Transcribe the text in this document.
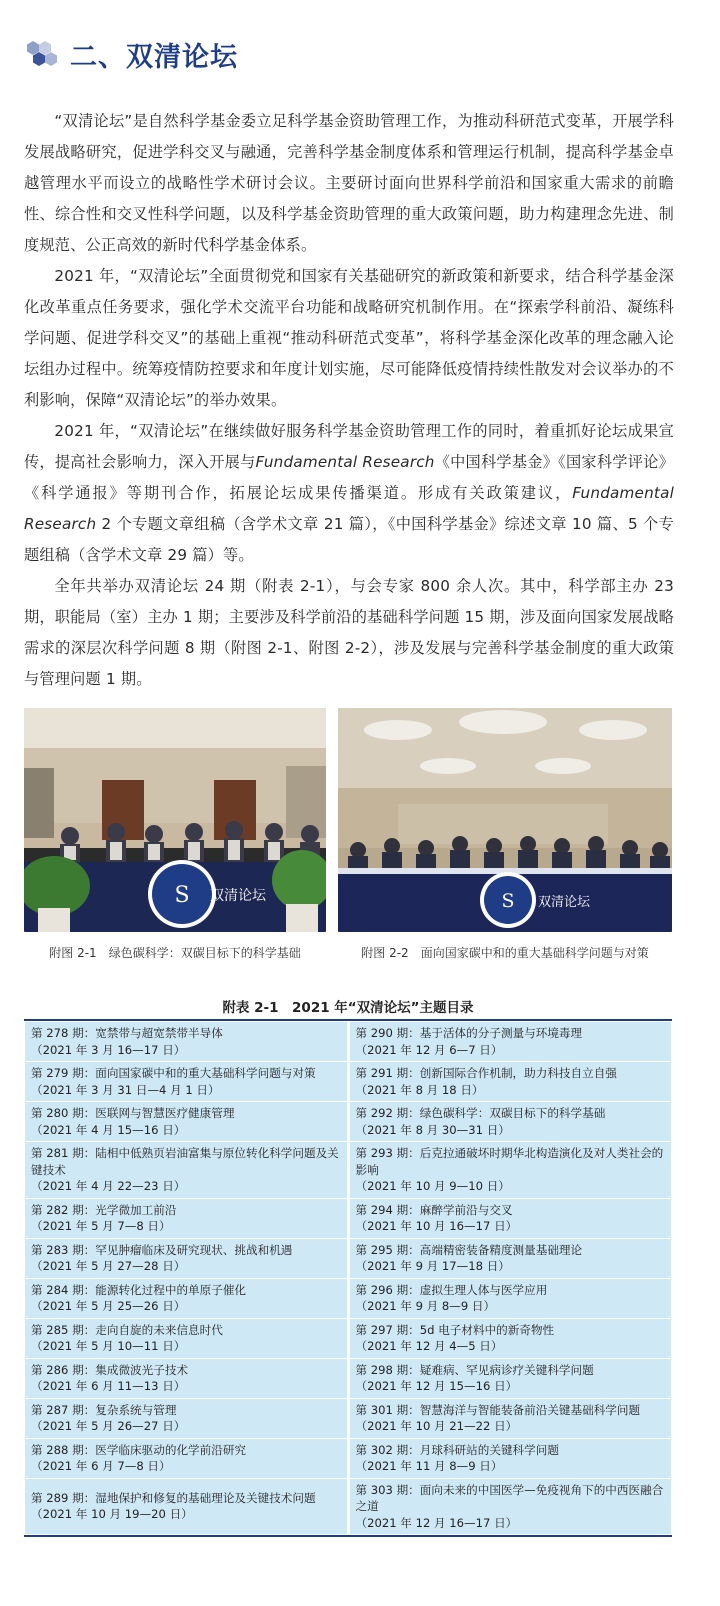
二、双清论坛

“双清论坛”是自然科学基金委立足科学基金资助管理工作，为推动科研范式变革，开展学科发展战略研究，促进学科交叉与融通，完善科学基金制度体系和管理运行机制，提高科学基金卓越管理水平而设立的战略性学术研讨会议。主要研讨面向世界科学前沿和国家重大需求的前瞻性、综合性和交叉性科学问题，以及科学基金资助管理的重大政策问题，助力构建理念先进、制度规范、公正高效的新时代科学基金体系。

2021 年，“双清论坛”全面贯彻党和国家有关基础研究的新政策和新要求，结合科学基金深化改革重点任务要求，强化学术交流平台功能和战略研究机制作用。在“探索学科前沿、凝练科学问题、促进学科交叉”的基础上重视“推动科研范式变革”，将科学基金深化改革的理念融入论坛组办过程中。统筹疫情防控要求和年度计划实施，尽可能降低疫情持续性散发对会议举办的不利影响，保障“双清论坛”的举办效果。

2021 年，“双清论坛”在继续做好服务科学基金资助管理工作的同时，着重抓好论坛成果宣传，提高社会影响力，深入开展与Fundamental Research《中国科学基金》《国家科学评论》《科学通报》等期刊合作，拓展论坛成果传播渠道。形成有关政策建议，Fundamental Research 2 个专题文章组稿（含学术文章 21 篇），《中国科学基金》综述文章 10 篇、5 个专题组稿（含学术文章 29 篇）等。

全年共举办双清论坛 24 期（附表 2-1），与会专家 800 余人次。其中，科学部主办 23 期，职能局（室）主办 1 期；主要涉及科学前沿的基础科学问题 15 期，涉及面向国家发展战略需求的深层次科学问题 8 期（附图 2-1、附图 2-2），涉及发展与完善科学基金制度的重大政策与管理问题 1 期。

S 双清论坛	S 双清论坛
附图 2-1　绿色碳科学：双碳目标下的科学基础	附图 2-2　面向国家碳中和的重大基础科学问题与对策
附表 2-1　2021 年“双清论坛”主题目录
第 278 期：宽禁带与超宽禁带半导体
（2021 年 3 月 16—17 日）	第 290 期：基于活体的分子测量与环境毒理
（2021 年 12 月 6—7 日）

第 279 期：面向国家碳中和的重大基础科学问题与对策
（2021 年 3 月 31 日—4 月 1 日）	第 291 期：创新国际合作机制，助力科技自立自强
（2021 年 8 月 18 日）

第 280 期：医联网与智慧医疗健康管理
（2021 年 4 月 15—16 日）	第 292 期：绿色碳科学：双碳目标下的科学基础
（2021 年 8 月 30—31 日）

第 281 期：陆相中低熟页岩油富集与原位转化科学问题及关键技术
（2021 年 4 月 22—23 日）	第 293 期：后克拉通破坏时期华北构造演化及对人类社会的影响
（2021 年 10 月 9—10 日）

第 282 期：光学微加工前沿
（2021 年 5 月 7—8 日）	第 294 期：麻醉学前沿与交叉
（2021 年 10 月 16—17 日）

第 283 期：罕见肿瘤临床及研究现状、挑战和机遇
（2021 年 5 月 27—28 日）	第 295 期：高端精密装备精度测量基础理论
（2021 年 9 月 17—18 日）

第 284 期：能源转化过程中的单原子催化
（2021 年 5 月 25—26 日）	第 296 期：虚拟生理人体与医学应用
（2021 年 9 月 8—9 日）

第 285 期：走向自旋的未来信息时代
（2021 年 5 月 10—11 日）	第 297 期：5d 电子材料中的新奇物性
（2021 年 12 月 4—5 日）

第 286 期：集成微波光子技术
（2021 年 6 月 11—13 日）	第 298 期：疑难病、罕见病诊疗关键科学问题
（2021 年 12 月 15—16 日）

第 287 期：复杂系统与管理
（2021 年 5 月 26—27 日）	第 301 期：智慧海洋与智能装备前沿关键基础科学问题
（2021 年 10 月 21—22 日）

第 288 期：医学临床驱动的化学前沿研究
（2021 年 6 月 7—8 日）	第 302 期：月球科研站的关键科学问题
（2021 年 11 月 8—9 日）

第 289 期：湿地保护和修复的基础理论及关键技术问题
（2021 年 10 月 19—20 日）	第 303 期：面向未来的中国医学—免疫视角下的中西医融合之道
（2021 年 12 月 16—17 日）
